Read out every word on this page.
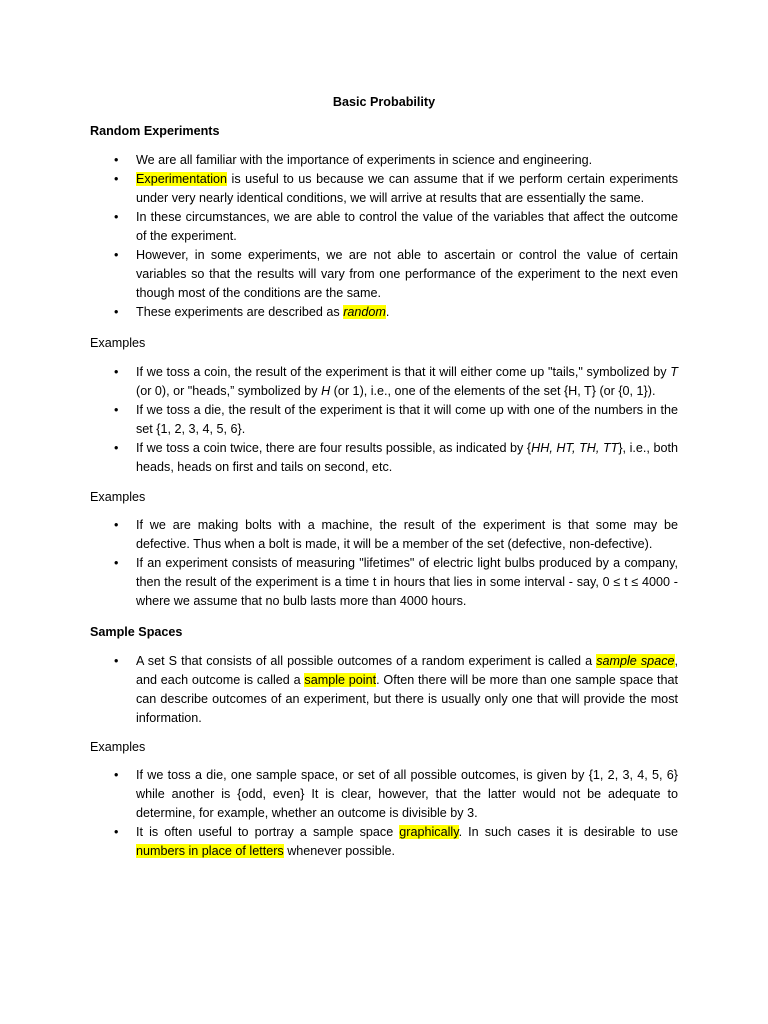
Basic Probability
Random Experiments
• We are all familiar with the importance of experiments in science and engineering.
• Experimentation is useful to us because we can assume that if we perform certain experiments under very nearly identical conditions, we will arrive at results that are essentially the same.
• In these circumstances, we are able to control the value of the variables that affect the outcome of the experiment.
• However, in some experiments, we are not able to ascertain or control the value of certain variables so that the results will vary from one performance of the experiment to the next even though most of the conditions are the same.
• These experiments are described as random.
Examples
• If we toss a coin, the result of the experiment is that it will either come up "tails," symbolized by T (or 0), or "heads,” symbolized by H (or 1), i.e., one of the elements of the set {H, T} (or {0, 1}).
• If we toss a die, the result of the experiment is that it will come up with one of the numbers in the set {1, 2, 3, 4, 5, 6}.
• If we toss a coin twice, there are four results possible, as indicated by {HH, HT, TH, TT}, i.e., both heads, heads on first and tails on second, etc.
Examples
• If we are making bolts with a machine, the result of the experiment is that some may be defective. Thus when a bolt is made, it will be a member of the set (defective, non-defective).
• If an experiment consists of measuring "lifetimes" of electric light bulbs produced by a company, then the result of the experiment is a time t in hours that lies in some interval - say, 0 ≤ t ≤ 4000 - where we assume that no bulb lasts more than 4000 hours.
Sample Spaces
• A set S that consists of all possible outcomes of a random experiment is called a sample space, and each outcome is called a sample point. Often there will be more than one sample space that can describe outcomes of an experiment, but there is usually only one that will provide the most information.
Examples
• If we toss a die, one sample space, or set of all possible outcomes, is given by {1, 2, 3, 4, 5, 6} while another is {odd, even} It is clear, however, that the latter would not be adequate to determine, for example, whether an outcome is divisible by 3.
• It is often useful to portray a sample space graphically. In such cases it is desirable to use numbers in place of letters whenever possible.
